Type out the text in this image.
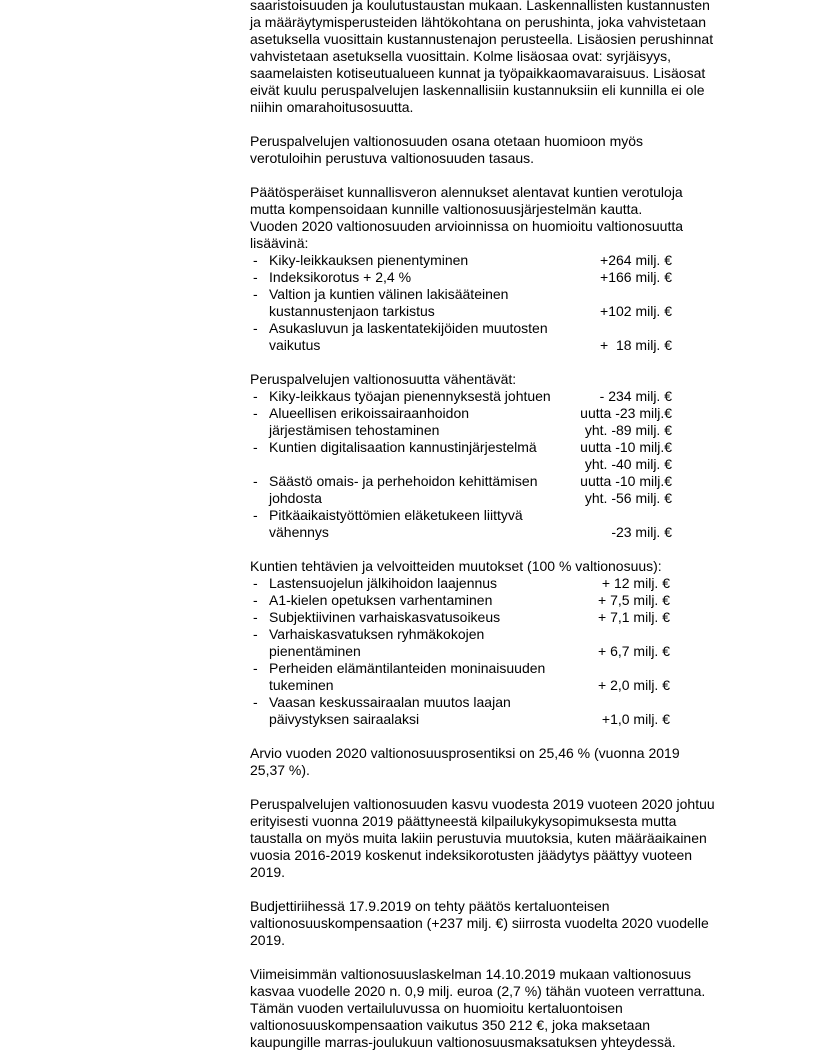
saaristoisuuden ja koulutustaustan mukaan. Laskennallisten kustannusten
ja määräytymisperusteiden lähtökohtana on perushinta, joka vahvistetaan
asetuksella vuosittain kustannustenajon perusteella. Lisäosien perushinnat
vahvistetaan asetuksella vuosittain. Kolme lisäosaa ovat: syrjäisyys,
saamelaisten kotiseutualueen kunnat ja työpaikkaomavaraisuus. Lisäosat
eivät kuulu peruspalvelujen laskennallisiin kustannuksiin eli kunnilla ei ole
niihin omarahoitusosuutta.
Peruspalvelujen valtionosuuden osana otetaan huomioon myös
verotuloihin perustuva valtionosuuden tasaus.
Päätösperäiset kunnallisveron alennukset alentavat kuntien verotuloja
mutta kompensoidaan kunnille valtionosuusjärjestelmän kautta.
Vuoden 2020 valtionosuuden arvioinnissa on huomioitu valtionosuutta
lisäävinä:
- Kiky-leikkauksen pienentyminen	+264 milj. €
- Indeksikorotus + 2,4 %	+166 milj. €
- Valtion ja kuntien välinen lakisääteinen
kustannustenjaon tarkistus	+102 milj. €
- Asukasluvun ja laskentatekijöiden muutosten
vaikutus	+  18 milj. €
Peruspalvelujen valtionosuutta vähentävät:
- Kiky-leikkaus työajan pienennyksestä johtuen	- 234 milj. €
- Alueellisen erikoissairaanhoidon	uutta -23 milj.€
järjestämisen tehostaminen	yht. -89 milj. €
- Kuntien digitalisaation kannustinjärjestelmä	uutta -10 milj.€
yht. -40 milj. €
- Säästö omais- ja perhehoidon kehittämisen	uutta -10 milj.€
johdosta	yht. -56 milj. €
- Pitkäaikaistyöttömien eläketukeen liittyvä
vähennys	-23 milj. €
Kuntien tehtävien ja velvoitteiden muutokset (100 % valtionosuus):
- Lastensuojelun jälkihoidon laajennus	+ 12 milj. €
- A1-kielen opetuksen varhentaminen	+ 7,5 milj. €
- Subjektiivinen varhaiskasvatusoikeus	+ 7,1 milj. €
- Varhaiskasvatuksen ryhmäkokojen
pienentäminen	+ 6,7 milj. €
- Perheiden elämäntilanteiden moninaisuuden
tukeminen	+ 2,0 milj. €
- Vaasan keskussairaalan muutos laajan
päivystyksen sairaalaksi	+1,0 milj. €
Arvio vuoden 2020 valtionosuusprosentiksi on 25,46 % (vuonna 2019
25,37 %).
Peruspalvelujen valtionosuuden kasvu vuodesta 2019 vuoteen 2020 johtuu
erityisesti vuonna 2019 päättyneestä kilpailukykysopimuksesta mutta
taustalla on myös muita lakiin perustuvia muutoksia, kuten määräaikainen
vuosia 2016-2019 koskenut indeksikorotusten jäädytys päättyy vuoteen
2019.
Budjettiriihessä 17.9.2019 on tehty päätös kertaluonteisen
valtionosuuskompensaation (+237 milj. €) siirrosta vuodelta 2020 vuodelle
2019.
Viimeisimmän valtionosuuslaskelman 14.10.2019 mukaan valtionosuus
kasvaa vuodelle 2020 n. 0,9 milj. euroa (2,7 %) tähän vuoteen verrattuna.
Tämän vuoden vertailuluvussa on huomioitu kertaluontoisen
valtionosuuskompensaation vaikutus 350 212 €, joka maksetaan
kaupungille marras-joulukuun valtionosuusmaksatuksen yhteydessä.
